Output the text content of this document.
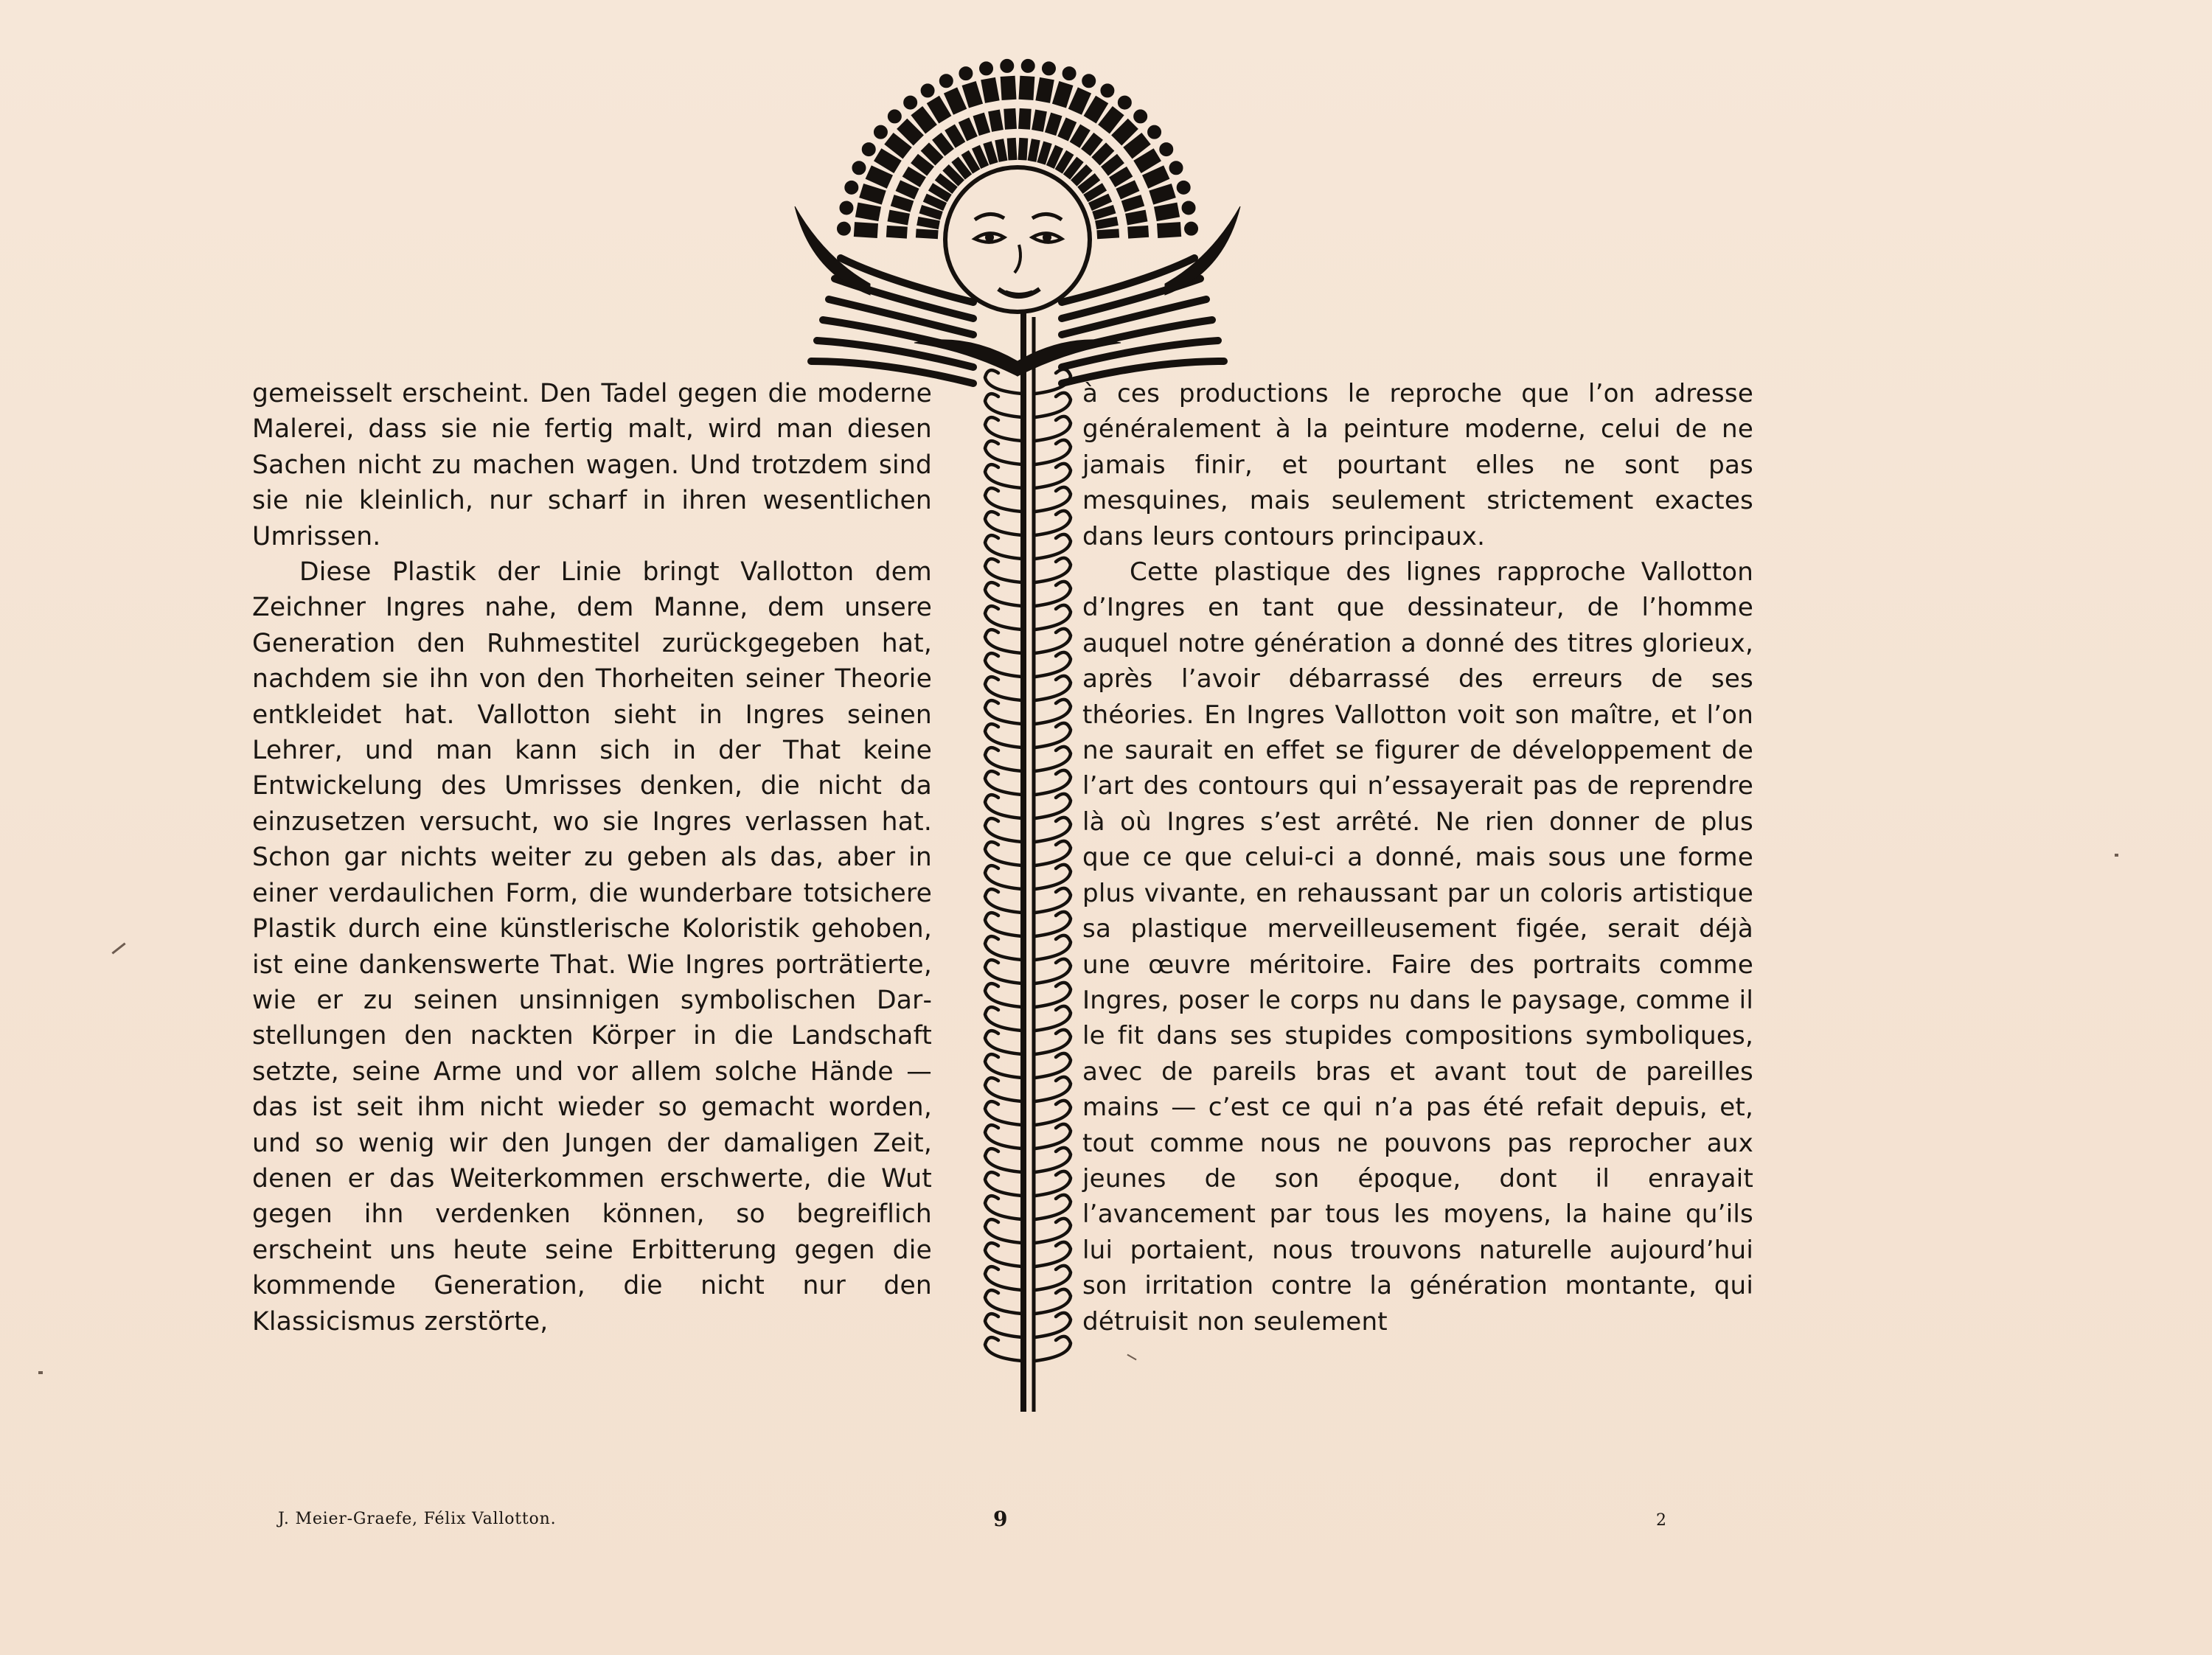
gemeisselt erscheint. Den Tadel gegen die moderne Malerei, dass sie nie fertig malt, wird man diesen Sachen nicht zu machen wagen. Und trotzdem sind sie nie kleinlich, nur scharf in ihren wesentlichen Umrissen.

Diese Plastik der Linie bringt Vallotton dem Zeichner Ingres nahe, dem Manne, dem unsere Generation den Ruhmestitel zurückgegeben hat, nachdem sie ihn von den Thorheiten seiner Theorie entkleidet hat. Vallotton sieht in Ingres seinen Lehrer, und man kann sich in der That keine Entwickelung des Umrisses denken, die nicht da einzusetzen versucht, wo sie Ingres verlassen hat. Schon gar nichts weiter zu geben als das, aber in einer verdaulichen Form, die wunderbare totsichere Plastik durch eine künstlerische Koloristik gehoben, ist eine dankenswerte That. Wie Ingres porträtierte, wie er zu seinen unsinnigen symbolischen Darstellungen den nackten Körper in die Landschaft setzte, seine Arme und vor allem solche Hände — das ist seit ihm nicht wieder so gemacht worden, und so wenig wir den Jungen der damaligen Zeit, denen er das Weiterkommen erschwerte, die Wut gegen ihn verdenken können, so begreiflich erscheint uns heute seine Erbitterung gegen die kommende Generation, die nicht nur den Klassicismus zerstörte,

à ces productions le reproche que l’on adresse généralement à la peinture moderne, celui de ne jamais finir, et pourtant elles ne sont pas mesquines, mais seulement strictement exactes dans leurs contours principaux.

Cette plastique des lignes rapproche Vallotton d’Ingres en tant que dessinateur, de l’homme auquel notre génération a donné des titres glorieux, après l’avoir débarrassé des erreurs de ses théories. En Ingres Vallotton voit son maître, et l’on ne saurait en effet se figurer de développement de l’art des contours qui n’essayerait pas de reprendre là où Ingres s’est arrêté. Ne rien donner de plus que ce que celui-ci a donné, mais sous une forme plus vivante, en rehaussant par un coloris artistique sa plastique merveilleusement figée, serait déjà une œuvre méritoire. Faire des portraits comme Ingres, poser le corps nu dans le paysage, comme il le fit dans ses stupides compositions symboliques, avec de pareils bras et avant tout de pareilles mains — c’est ce qui n’a pas été refait depuis, et, tout comme nous ne pouvons pas reprocher aux jeunes de son époque, dont il enrayait l’avancement par tous les moyens, la haine qu’ils lui portaient, nous trouvons naturelle aujourd’hui son irritation contre la génération montante, qui détruisit non seulement

J. Meier-Graefe, Félix Vallotton.	9	2
